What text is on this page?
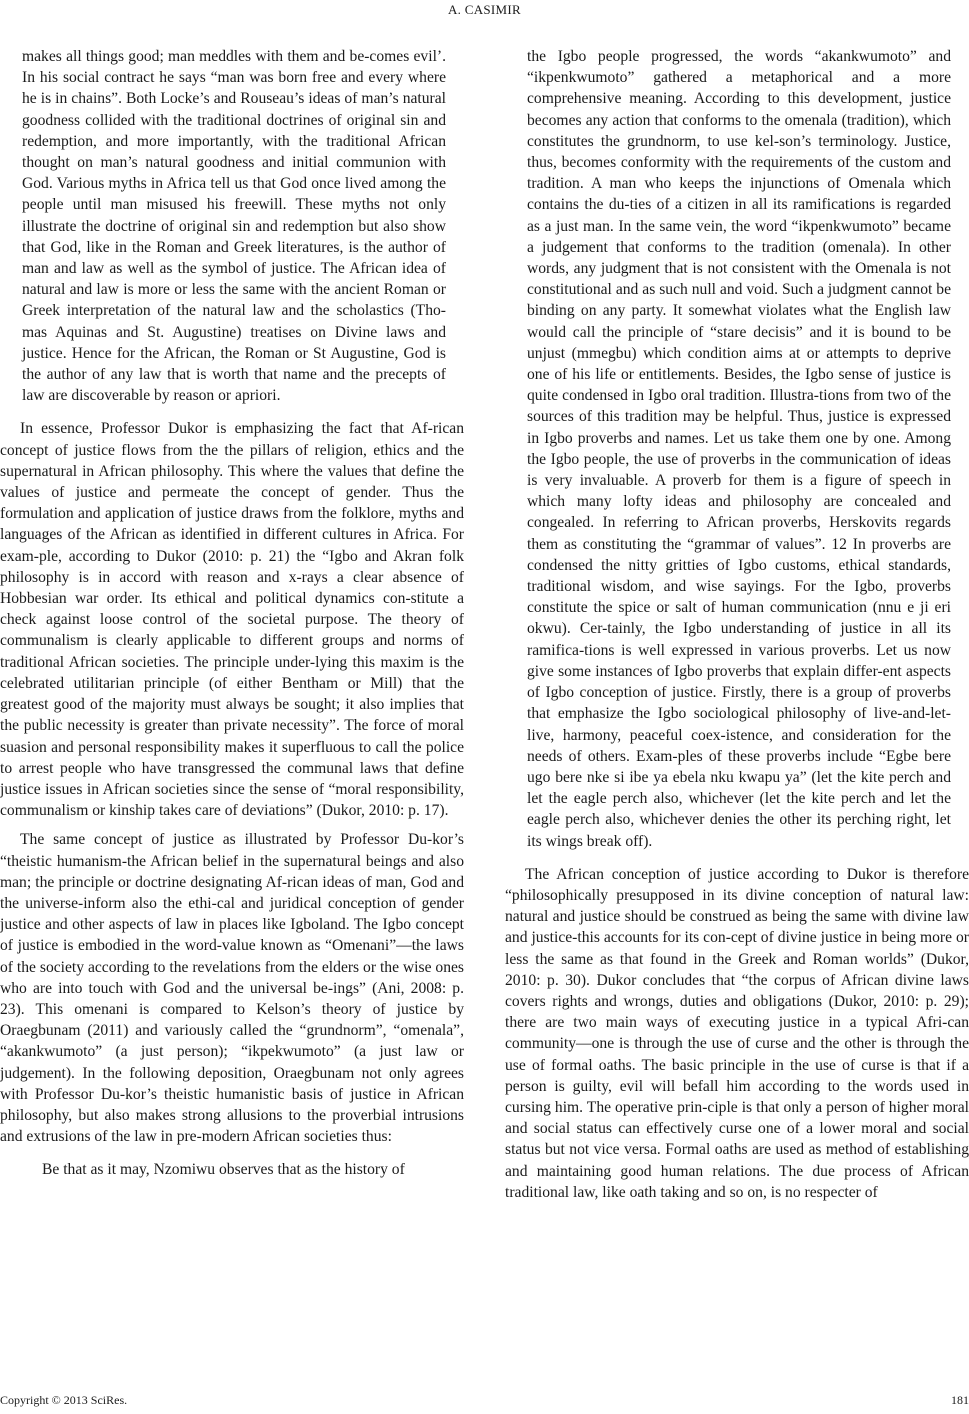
A. CASIMIR

makes all things good; man meddles with them and be-comes evil’. In his social contract he says “man was born free and every where he is in chains”. Both Locke’s and Rouseau’s ideas of man’s natural goodness collided with the traditional doctrines of original sin and redemption, and more importantly, with the traditional African thought on man’s natural goodness and initial communion with God. Various myths in Africa tell us that God once lived among the people until man misused his freewill. These myths not only illustrate the doctrine of original sin and redemption but also show that God, like in the Roman and Greek literatures, is the author of man and law as well as the symbol of justice. The African idea of natural and law is more or less the same with the ancient Roman or Greek interpretation of the natural law and the scholastics (Tho-mas Aquinas and St. Augustine) treatises on Divine laws and justice. Hence for the African, the Roman or St Augustine, God is the author of any law that is worth that name and the precepts of law are discoverable by reason or apriori.

In essence, Professor Dukor is emphasizing the fact that Af-rican concept of justice flows from the the pillars of religion, ethics and the supernatural in African philosophy. This where the values that define the values of justice and permeate the concept of gender. Thus the formulation and application of justice draws from the folklore, myths and languages of the African as identified in different cultures in Africa. For exam-ple, according to Dukor (2010: p. 21) the “Igbo and Akran folk philosophy is in accord with reason and x-rays a clear absence of Hobbesian war order. Its ethical and political dynamics con-stitute a check against loose control of the societal purpose. The theory of communalism is clearly applicable to different groups and norms of traditional African societies. The principle under-lying this maxim is the celebrated utilitarian principle (of either Bentham or Mill) that the greatest good of the majority must always be sought; it also implies that the public necessity is greater than private necessity”. The force of moral suasion and personal responsibility makes it superfluous to call the police to arrest people who have transgressed the communal laws that define justice issues in African societies since the sense of “moral responsibility, communalism or kinship takes care of deviations” (Dukor, 2010: p. 17).

The same concept of justice as illustrated by Professor Du-kor’s “theistic humanism-the African belief in the supernatural beings and also man; the principle or doctrine designating Af-rican ideas of man, God and the universe-inform also the ethi-cal and juridical conception of gender justice and other aspects of law in places like Igboland. The Igbo concept of justice is embodied in the word-value known as “Omenani”—the laws of the society according to the revelations from the elders or the wise ones who are into touch with God and the universal be-ings” (Ani, 2008: p. 23). This omenani is compared to Kelson’s theory of justice by Oraegbunam (2011) and variously called the “grundnorm”, “omenala”, “akankwumoto” (a just person); “ikpekwumoto” (a just law or judgement). In the following deposition, Oraegbunam not only agrees with Professor Du-kor’s theistic humanistic basis of justice in African philosophy, but also makes strong allusions to the proverbial intrusions and extrusions of the law in pre-modern African societies thus:

Be that as it may, Nzomiwu observes that as the history of

the Igbo people progressed, the words “akankwumoto” and “ikpenkwumoto” gathered a metaphorical and a more comprehensive meaning. According to this development, justice becomes any action that conforms to the omenala (tradition), which constitutes the grundnorm, to use kel-son’s terminology. Justice, thus, becomes conformity with the requirements of the custom and tradition. A man who keeps the injunctions of Omenala which contains the du-ties of a citizen in all its ramifications is regarded as a just man. In the same vein, the word “ikpenkwumoto” became a judgement that conforms to the tradition (omenala). In other words, any judgment that is not consistent with the Omenala is not constitutional and as such null and void. Such a judgment cannot be binding on any party. It somewhat violates what the English law would call the principle of “stare decisis” and it is bound to be unjust (mmegbu) which condition aims at or attempts to deprive one of his life or entitlements. Besides, the Igbo sense of justice is quite condensed in Igbo oral tradition. Illustra-tions from two of the sources of this tradition may be helpful. Thus, justice is expressed in Igbo proverbs and names. Let us take them one by one. Among the Igbo people, the use of proverbs in the communication of ideas is very invaluable. A proverb for them is a figure of speech in which many lofty ideas and philosophy are concealed and congealed. In referring to African proverbs, Herskovits regards them as constituting the “grammar of values”. 12 In proverbs are condensed the nitty gritties of Igbo customs, ethical standards, traditional wisdom, and wise sayings. For the Igbo, proverbs constitute the spice or salt of human communication (nnu e ji eri okwu). Cer-tainly, the Igbo understanding of justice in all its ramifica-tions is well expressed in various proverbs. Let us now give some instances of Igbo proverbs that explain differ-ent aspects of Igbo conception of justice. Firstly, there is a group of proverbs that emphasize the Igbo sociological philosophy of live-and-let-live, harmony, peaceful coex-istence, and consideration for the needs of others. Exam-ples of these proverbs include “Egbe bere ugo bere nke si ibe ya ebela nku kwapu ya” (let the kite perch and let the eagle perch also, whichever (let the kite perch and let the eagle perch also, whichever denies the other its perching right, let its wings break off).

The African conception of justice according to Dukor is therefore “philosophically presupposed in its divine conception of natural law: natural and justice should be construed as being the same with divine law and justice-this accounts for its con-cept of divine justice in being more or less the same as that found in the Greek and Roman worlds” (Dukor, 2010: p. 30). Dukor concludes that “the corpus of African divine laws covers rights and wrongs, duties and obligations (Dukor, 2010: p. 29); there are two main ways of executing justice in a typical Afri-can community—one is through the use of curse and the other is through the use of formal oaths. The basic principle in the use of curse is that if a person is guilty, evil will befall him according to the words used in cursing him. The operative prin-ciple is that only a person of higher moral and social status can effectively curse one of a lower moral and social status but not vice versa. Formal oaths are used as method of establishing and maintaining good human relations. The due process of African traditional law, like oath taking and so on, is no respecter of

Copyright © 2013 SciRes.	181
